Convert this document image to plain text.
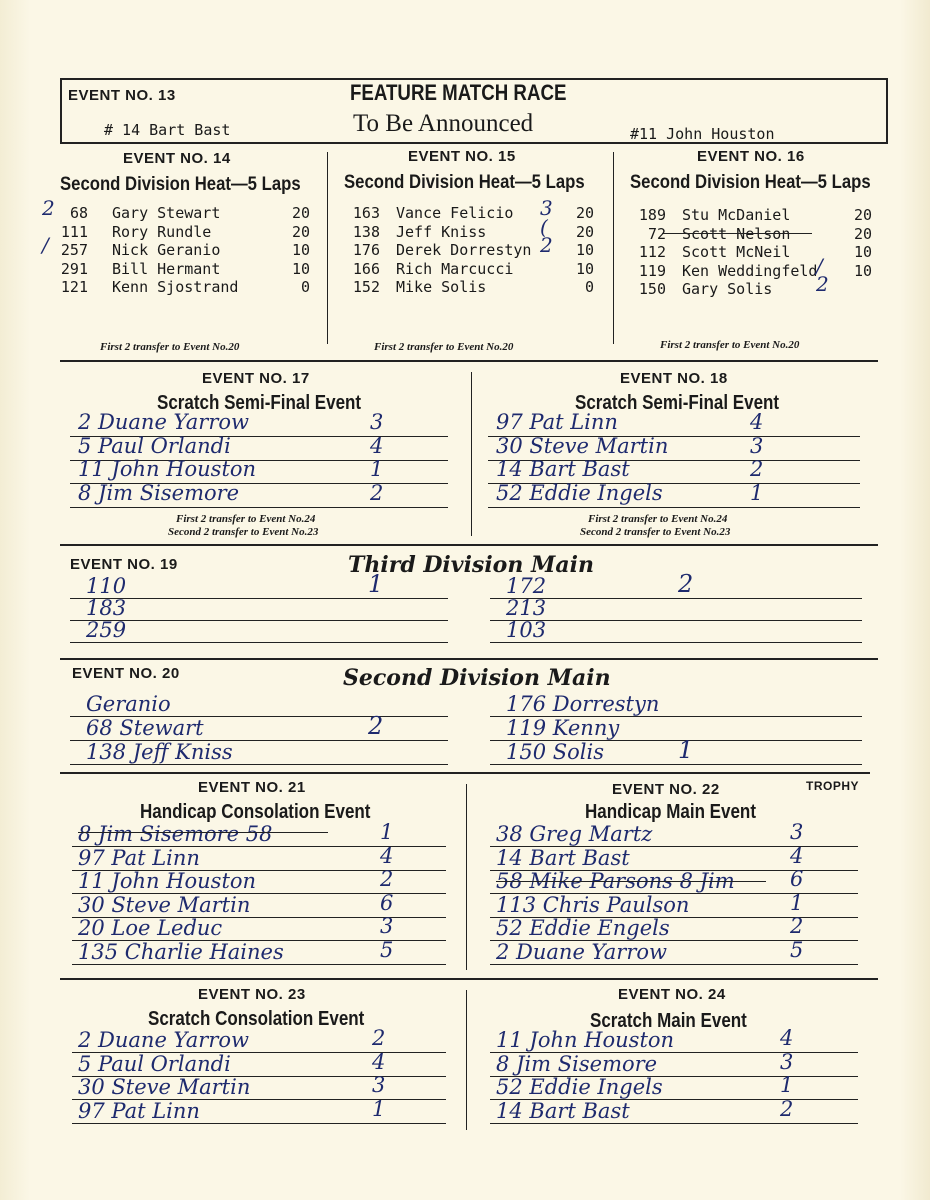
EVENT NO. 13	FEATURE MATCH RACE
To Be Announced
# 14 Bart Bast	#11 John Houston
EVENT NO. 14
Second Division Heat—5 Laps
68 Gary Stewart	20
2
111 Rory Rundle	20
257 Nick Geranio	10
/
291 Bill Hermant	10
121 Kenn Sjostrand	0
First 2 transfer to Event No.20
EVENT NO. 15
Second Division Heat—5 Laps
163 Vance Felicio	20
3
138 Jeff Kniss	20
(
176 Derek Dorrestyn	10
2
166 Rich Marcucci	10
152 Mike Solis	0
First 2 transfer to Event No.20
EVENT NO. 16
Second Division Heat—5 Laps
189 Stu McDaniel	20
72 Scott Nelson	20
112 Scott McNeil	10
119 Ken Weddingfeld	10
/
150 Gary Solis 2
First 2 transfer to Event No.20
EVENT NO. 17
Scratch Semi-Final Event
2 Duane Yarrow	3
5 Paul Orlandi	4
11 John Houston	1
8 Jim Sisemore	2
First 2 transfer to Event No.24
Second 2 transfer to Event No.23
EVENT NO. 18
Scratch Semi-Final Event
97 Pat Linn	4
30 Steve Martin	3
14 Bart Bast	2
52 Eddie Ingels	1
First 2 transfer to Event No.24
Second 2 transfer to Event No.23
EVENT NO. 19	Third Division Main
110	1
183
259
172	2
213
103
EVENT NO. 20	Second Division Main
Geranio
68 Stewart	2
138 Jeff Kniss
176 Dorrestyn
119 Kenny
150 Solis	1
EVENT NO. 21
Handicap Consolation Event
8 Jim Sisemore 58	1
97 Pat Linn	4
11 John Houston	2
30 Steve Martin	6
20 Loe Leduc	3
135 Charlie Haines	5
EVENT NO. 22
Handicap Main Event
38 Greg Martz	3
14 Bart Bast	4
58 Mike Parsons 8 Jim	6
113 Chris Paulson	1
52 Eddie Engels	2
2 Duane Yarrow	5
TROPHY
EVENT NO. 23
Scratch Consolation Event
2 Duane Yarrow	2
5 Paul Orlandi	4
30 Steve Martin	3
97 Pat Linn	1
EVENT NO. 24
Scratch Main Event
11 John Houston	4
8 Jim Sisemore	3
52 Eddie Ingels	1
14 Bart Bast	2
